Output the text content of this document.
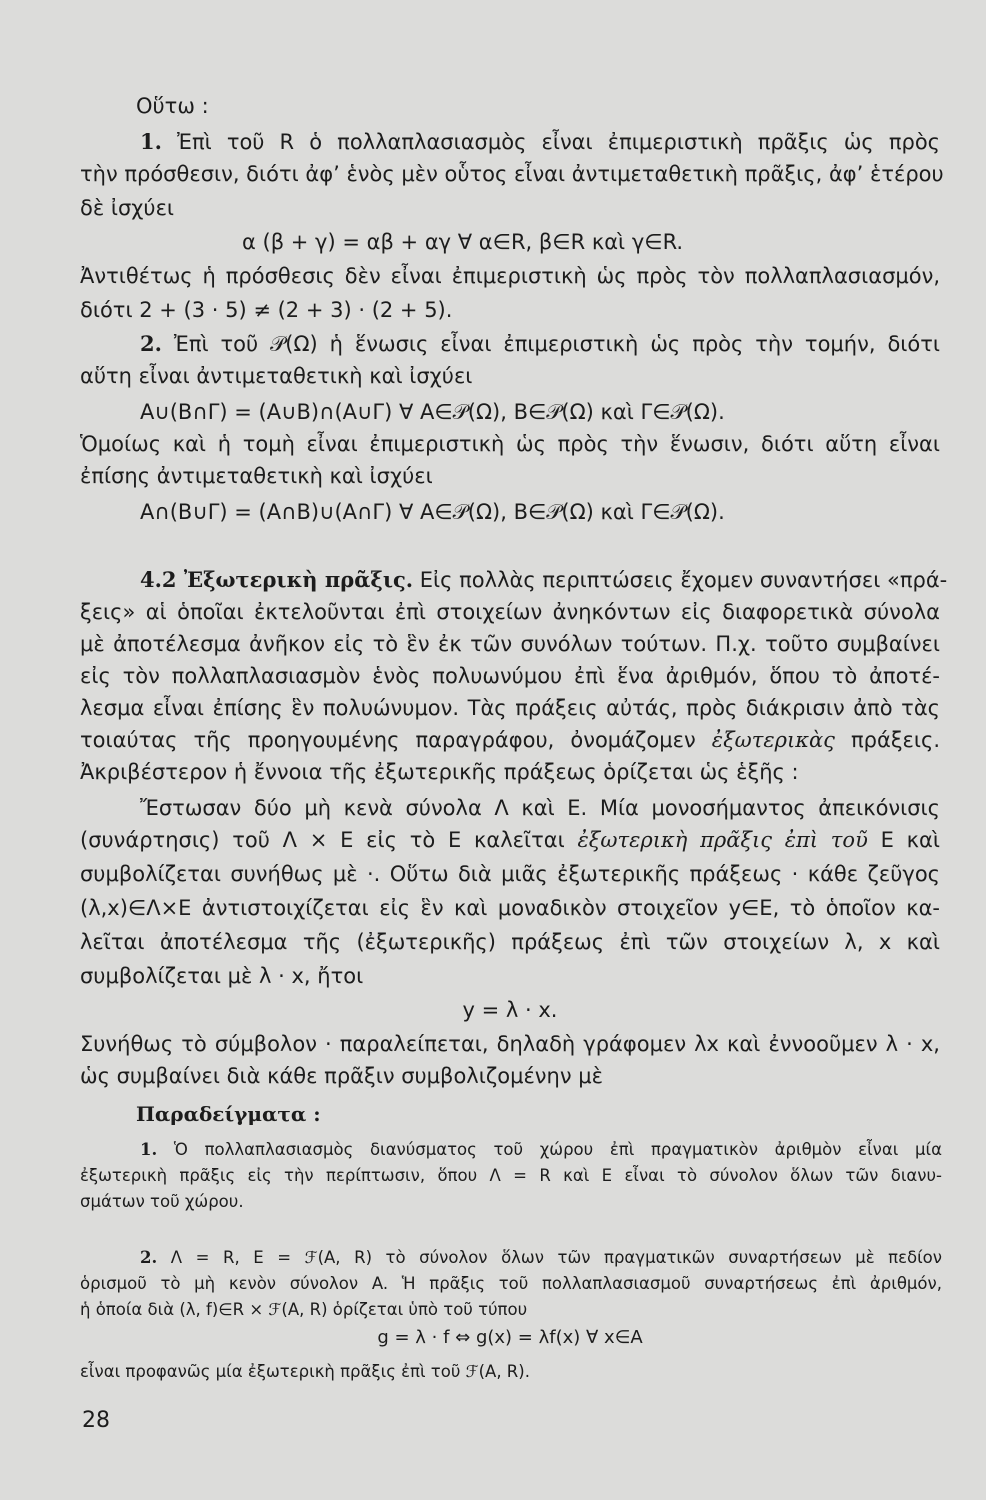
Οὕτω :
1. Ἐπὶ τοῦ R ὁ πολλαπλασιασμὸς εἶναι ἐπιμεριστικὴ πρᾶξις ὡς πρὸς
τὴν πρόσθεσιν, διότι ἀφ’ ἑνὸς μὲν οὗτος εἶναι ἀντιμεταθετικὴ πρᾶξις, ἀφ’ ἑτέρου
δὲ ἰσχύει
α (β + γ) = αβ + αγ ∀ α∈R, β∈R καὶ γ∈R.
Ἀντιθέτως ἡ πρόσθεσις δὲν εἶναι ἐπιμεριστικὴ ὡς πρὸς τὸν πολλαπλασιασμόν,
διότι 2 + (3 · 5) ≠ (2 + 3) · (2 + 5).
2. Ἐπὶ τοῦ 𝒫(Ω) ἡ ἕνωσις εἶναι ἐπιμεριστικὴ ὡς πρὸς τὴν τομήν, διότι
αὕτη εἶναι ἀντιμεταθετικὴ καὶ ἰσχύει
A∪(B∩Γ) = (A∪B)∩(A∪Γ) ∀ A∈𝒫(Ω), B∈𝒫(Ω) καὶ Γ∈𝒫(Ω).
Ὁμοίως καὶ ἡ τομὴ εἶναι ἐπιμεριστικὴ ὡς πρὸς τὴν ἕνωσιν, διότι αὕτη εἶναι
ἐπίσης ἀντιμεταθετικὴ καὶ ἰσχύει
A∩(B∪Γ) = (A∩B)∪(A∩Γ) ∀ A∈𝒫(Ω), B∈𝒫(Ω) καὶ Γ∈𝒫(Ω).
4.2 Ἐξωτερικὴ πρᾶξις. Εἰς πολλὰς περιπτώσεις ἔχομεν συναντήσει «πρά-
ξεις» αἱ ὁποῖαι ἐκτελοῦνται ἐπὶ στοιχείων ἀνηκόντων εἰς διαφορετικὰ σύνολα
μὲ ἀποτέλεσμα ἀνῆκον εἰς τὸ ἓν ἐκ τῶν συνόλων τούτων. Π.χ. τοῦτο συμβαίνει
εἰς τὸν πολλαπλασιασμὸν ἑνὸς πολυωνύμου ἐπὶ ἕνα ἀριθμόν, ὅπου τὸ ἀποτέ-
λεσμα εἶναι ἐπίσης ἓν πολυώνυμον. Τὰς πράξεις αὐτάς, πρὸς διάκρισιν ἀπὸ τὰς
τοιαύτας τῆς προηγουμένης παραγράφου, ὀνομάζομεν ἐξωτερικὰς πράξεις.
Ἀκριβέστερον ἡ ἔννοια τῆς ἐξωτερικῆς πράξεως ὁρίζεται ὡς ἑξῆς :
Ἔστωσαν δύο μὴ κενὰ σύνολα Λ καὶ E. Μία μονοσήμαντος ἀπεικόνισις
(συνάρτησις) τοῦ Λ × E εἰς τὸ E καλεῖται ἐξωτερικὴ πρᾶξις ἐπὶ τοῦ E καὶ
συμβολίζεται συνήθως μὲ ·. Οὕτω διὰ μιᾶς ἐξωτερικῆς πράξεως · κάθε ζεῦγος
(λ,x)∈Λ×E ἀντιστοιχίζεται εἰς ἓν καὶ μοναδικὸν στοιχεῖον y∈E, τὸ ὁποῖον κα-
λεῖται ἀποτέλεσμα τῆς (ἐξωτερικῆς) πράξεως ἐπὶ τῶν στοιχείων λ, x καὶ
συμβολίζεται μὲ λ · x, ἤτοι
y = λ · x.
Συνήθως τὸ σύμβολον · παραλείπεται, δηλαδὴ γράφομεν λx καὶ ἐννοοῦμεν λ · x,
ὡς συμβαίνει διὰ κάθε πρᾶξιν συμβολιζομένην μὲ
Παραδείγματα :
1. Ὁ πολλαπλασιασμὸς διανύσματος τοῦ χώρου ἐπὶ πραγματικὸν ἀριθμὸν εἶναι μία
ἐξωτερικὴ πρᾶξις εἰς τὴν περίπτωσιν, ὅπου Λ = R καὶ E εἶναι τὸ σύνολον ὅλων τῶν διανυ-
σμάτων τοῦ χώρου.
2. Λ = R, E = ℱ(A, R) τὸ σύνολον ὅλων τῶν πραγματικῶν συναρτήσεων μὲ πεδίον
ὁρισμοῦ τὸ μὴ κενὸν σύνολον A. Ἡ πρᾶξις τοῦ πολλαπλασιασμοῦ συναρτήσεως ἐπὶ ἀριθμόν,
ἡ ὁποία διὰ (λ, f)∈R × ℱ(A, R) ὁρίζεται ὑπὸ τοῦ τύπου
g = λ · f ⇔ g(x) = λf(x) ∀ x∈A
εἶναι προφανῶς μία ἐξωτερικὴ πρᾶξις ἐπὶ τοῦ ℱ(A, R).
28
